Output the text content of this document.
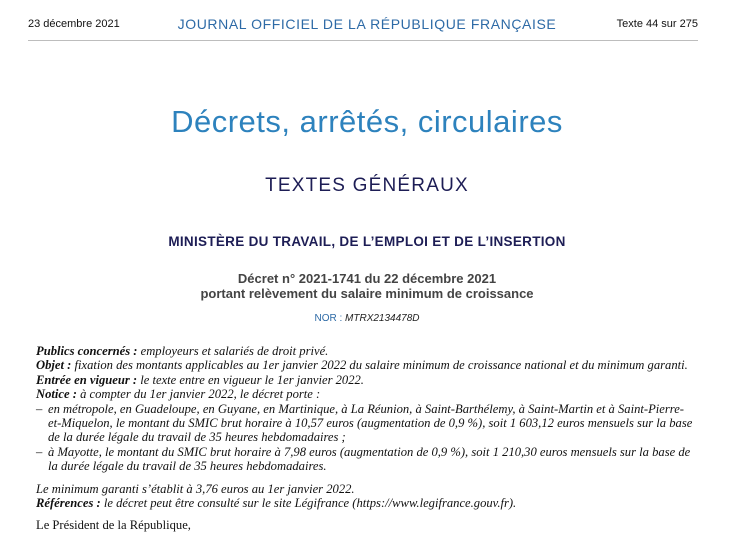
23 décembre 2021	JOURNAL OFFICIEL DE LA RÉPUBLIQUE FRANÇAISE	Texte 44 sur 275
Décrets, arrêtés, circulaires
TEXTES GÉNÉRAUX
MINISTÈRE DU TRAVAIL, DE L’EMPLOI ET DE L’INSERTION
Décret n° 2021-1741 du 22 décembre 2021
portant relèvement du salaire minimum de croissance
NOR : MTRX2134478D

Publics concernés : employeurs et salariés de droit privé.

Objet : fixation des montants applicables au 1er janvier 2022 du salaire minimum de croissance national et du minimum garanti.

Entrée en vigueur : le texte entre en vigueur le 1er janvier 2022.

Notice : à compter du 1er janvier 2022, le décret porte :

– en métropole, en Guadeloupe, en Guyane, en Martinique, à La Réunion, à Saint-Barthélemy, à Saint-Martin et à Saint-Pierre-et-Miquelon, le montant du SMIC brut horaire à 10,57 euros (augmentation de 0,9 %), soit 1 603,12 euros mensuels sur la base de la durée légale du travail de 35 heures hebdomadaires ;
– à Mayotte, le montant du SMIC brut horaire à 7,98 euros (augmentation de 0,9 %), soit 1 210,30 euros mensuels sur la base de la durée légale du travail de 35 heures hebdomadaires.

Le minimum garanti s’établit à 3,76 euros au 1er janvier 2022.

Références : le décret peut être consulté sur le site Légifrance (https://www.legifrance.gouv.fr).

Le Président de la République,
